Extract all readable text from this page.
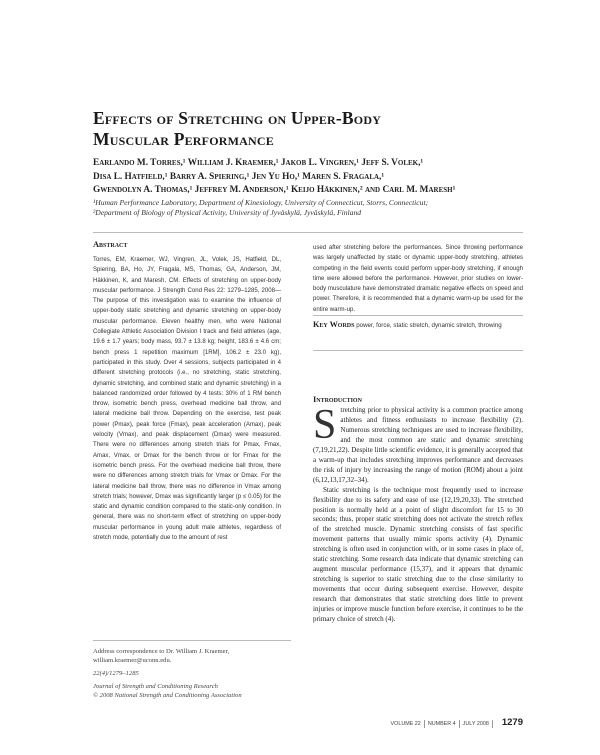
Effects of Stretching on Upper-Body
Muscular Performance
Earlando M. Torres,¹ William J. Kraemer,¹ Jakob L. Vingren,¹ Jeff S. Volek,¹
Disa L. Hatfield,¹ Barry A. Spiering,¹ Jen Yu Ho,¹ Maren S. Fragala,¹
Gwendolyn A. Thomas,¹ Jeffrey M. Anderson,¹ Keijo Häkkinen,² and Carl M. Maresh¹
¹Human Performance Laboratory, Department of Kinesiology, University of Connecticut, Storrs, Connecticut;
²Department of Biology of Physical Activity, University of Jyväskylä, Jyväskylä, Finland
Abstract

Torres, EM, Kraemer, WJ, Vingren, JL, Volek, JS, Hatfield, DL, Spiering, BA, Ho, JY, Fragala, MS, Thomas, GA, Anderson, JM, Häkkinen, K, and Maresh, CM. Effects of stretching on upper-body muscular performance. J Strength Cond Res 22: 1279–1285, 2008—The purpose of this investigation was to examine the influence of upper-body static stretching and dynamic stretching on upper-body muscular performance. Eleven healthy men, who were National Collegiate Athletic Association Division I track and field athletes (age, 19.6 ± 1.7 years; body mass, 93.7 ± 13.8 kg; height, 183.6 ± 4.6 cm; bench press 1 repetition maximum [1RM], 106.2 ± 23.0 kg), participated in this study. Over 4 sessions, subjects participated in 4 different stretching protocols (i.e., no stretching, static stretching, dynamic stretching, and combined static and dynamic stretching) in a balanced randomized order followed by 4 tests: 30% of 1 RM bench throw, isometric bench press, overhead medicine ball throw, and lateral medicine ball throw. Depending on the exercise, test peak power (Pmax), peak force (Fmax), peak acceleration (Amax), peak velocity (Vmax), and peak displacement (Dmax) were measured. There were no differences among stretch trials for Pmax, Fmax, Amax, Vmax, or Dmax for the bench throw or for Fmax for the isometric bench press. For the overhead medicine ball throw, there were no differences among stretch trials for Vmax or Dmax. For the lateral medicine ball throw, there was no difference in Vmax among stretch trials; however, Dmax was significantly larger (p ≤ 0.05) for the static and dynamic condition compared to the static-only condition. In general, there was no short-term effect of stretching on upper-body muscular performance in young adult male athletes, regardless of stretch mode, potentially due to the amount of rest

used after stretching before the performances. Since throwing performance was largely unaffected by static or dynamic upper-body stretching, athletes competing in the field events could perform upper-body stretching, if enough time were allowed before the performance. However, prior studies on lower-body musculature have demonstrated dramatic negative effects on speed and power. Therefore, it is recommended that a dynamic warm-up be used for the entire warm-up.

Key Words power, force, static stretch, dynamic stretch, throwing
Introduction

Stretching prior to physical activity is a common practice among athletes and fitness enthusiasts to increase flexibility (2). Numerous stretching techniques are used to increase flexibility, and the most common are static and dynamic stretching (7,19,21,22). Despite little scientific evidence, it is generally accepted that a warm-up that includes stretching improves performance and decreases the risk of injury by increasing the range of motion (ROM) about a joint (6,12,13,17,32–34).

Static stretching is the technique most frequently used to increase flexibility due to its safety and ease of use (12,19,20,33). The stretched position is normally held at a point of slight discomfort for 15 to 30 seconds; thus, proper static stretching does not activate the stretch reflex of the stretched muscle. Dynamic stretching consists of fast specific movement patterns that usually mimic sports activity (4). Dynamic stretching is often used in conjunction with, or in some cases in place of, static stretching. Some research data indicate that dynamic stretching can augment muscular performance (15,37), and it appears that dynamic stretching is superior to static stretching due to the close similarity to movements that occur during subsequent exercise. However, despite research that demonstrates that static stretching does little to prevent injuries or improve muscle function before exercise, it continues to be the primary choice of stretch (4).

Address correspondence to Dr. William J. Kraemer, william.kraemer@uconn.edu.

22(4)/1279–1285

Journal of Strength and Conditioning Research
© 2008 National Strength and Conditioning Association

VOLUME 22 NUMBER 4 JULY 2008 1279
